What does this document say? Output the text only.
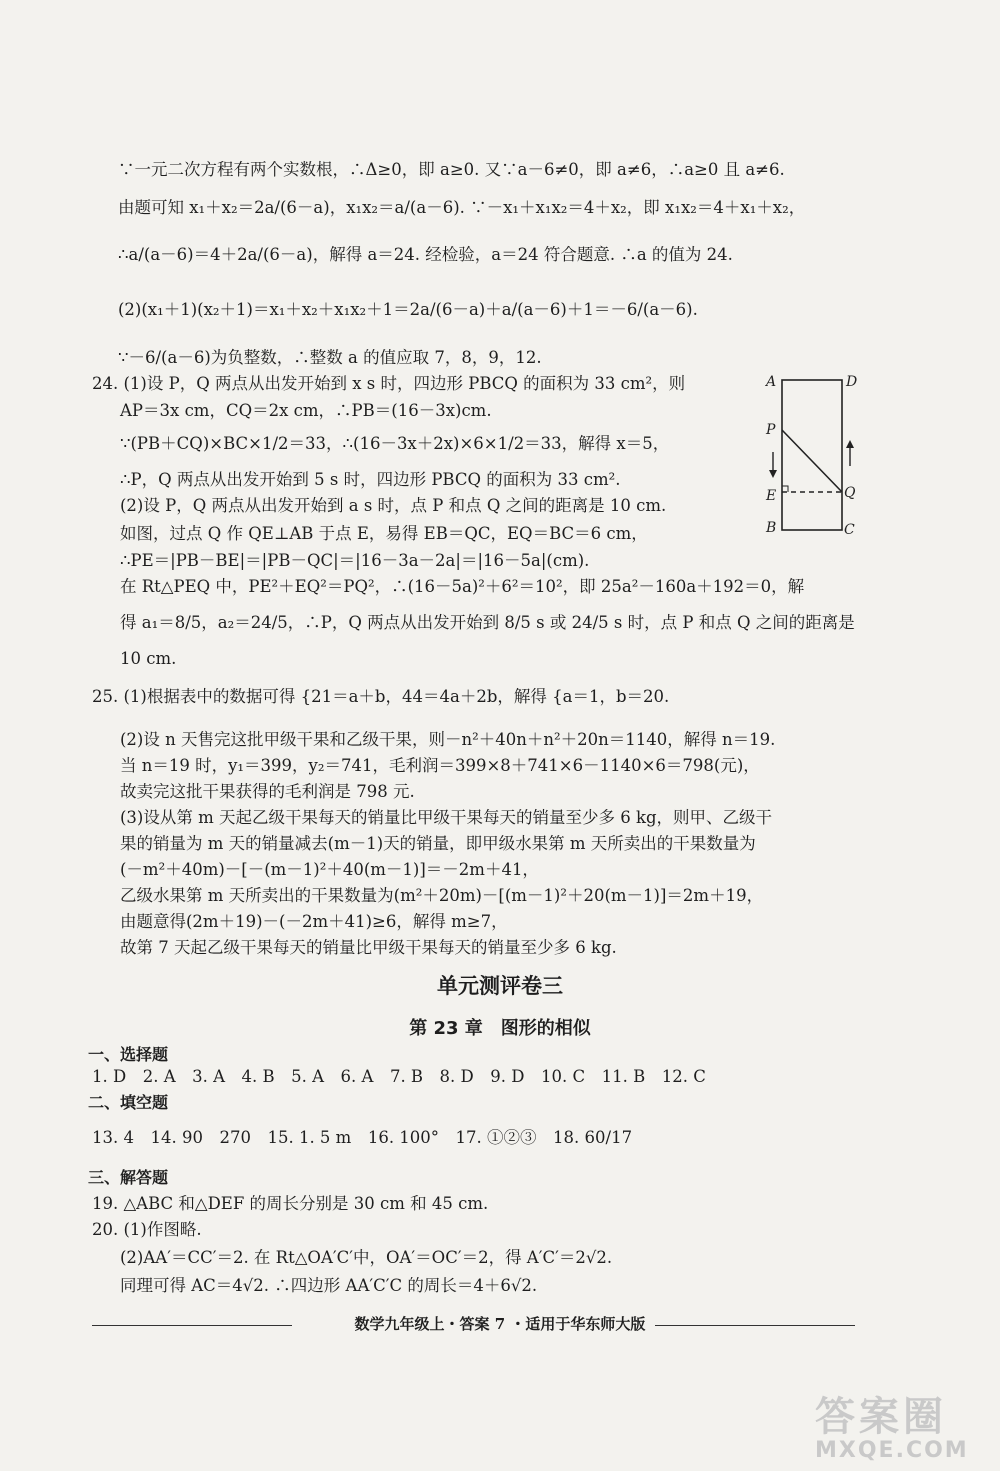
∵一元二次方程有两个实数根，∴Δ≥0，即 a≥0. 又∵a－6≠0，即 a≠6，∴a≥0 且 a≠6.
由题可知 x₁＋x₂＝2a/(6－a)，x₁x₂＝a/(a－6). ∵－x₁＋x₁x₂＝4＋x₂，即 x₁x₂＝4＋x₁＋x₂，
∴a/(a－6)＝4＋2a/(6－a)，解得 a＝24. 经检验，a＝24 符合题意. ∴a 的值为 24.
(2)(x₁＋1)(x₂＋1)＝x₁＋x₂＋x₁x₂＋1＝2a/(6－a)＋a/(a－6)＋1＝－6/(a－6).
∵－6/(a－6)为负整数，∴整数 a 的值应取 7，8，9，12.
24. (1)设 P，Q 两点从出发开始到 x s 时，四边形 PBCQ 的面积为 33 cm²，则
AP＝3x cm，CQ＝2x cm，∴PB＝(16－3x)cm.
∵(PB＋CQ)×BC×1/2＝33，∴(16－3x＋2x)×6×1/2＝33，解得 x＝5，
∴P，Q 两点从出发开始到 5 s 时，四边形 PBCQ 的面积为 33 cm².
(2)设 P，Q 两点从出发开始到 a s 时，点 P 和点 Q 之间的距离是 10 cm.
如图，过点 Q 作 QE⊥AB 于点 E，易得 EB＝QC，EQ＝BC＝6 cm，
∴PE＝|PB－BE|＝|PB－QC|＝|16－3a－2a|＝|16－5a|(cm).
在 Rt△PEQ 中，PE²＋EQ²＝PQ²，∴(16－5a)²＋6²＝10²，即 25a²－160a＋192＝0，解
得 a₁＝8/5，a₂＝24/5，∴P，Q 两点从出发开始到 8/5 s 或 24/5 s 时，点 P 和点 Q 之间的距离是
10 cm.
25. (1)根据表中的数据可得 {21＝a＋b，44＝4a＋2b，解得 {a＝1，b＝20.
(2)设 n 天售完这批甲级干果和乙级干果，则－n²＋40n＋n²＋20n＝1140，解得 n＝19.
当 n＝19 时，y₁＝399，y₂＝741，毛利润＝399×8＋741×6－1140×6＝798(元)，
故卖完这批干果获得的毛利润是 798 元.
(3)设从第 m 天起乙级干果每天的销量比甲级干果每天的销量至少多 6 kg，则甲、乙级干
果的销量为 m 天的销量减去(m－1)天的销量，即甲级水果第 m 天所卖出的干果数量为
(－m²＋40m)－[－(m－1)²＋40(m－1)]＝－2m＋41，
乙级水果第 m 天所卖出的干果数量为(m²＋20m)－[(m－1)²＋20(m－1)]＝2m＋19，
由题意得(2m＋19)－(－2m＋41)≥6，解得 m≥7，
故第 7 天起乙级干果每天的销量比甲级干果每天的销量至少多 6 kg.
A	D
P
E	Q
B	C
单元测评卷三
第 23 章　图形的相似
一、选择题
1. D　2. A　3. A　4. B　5. A　6. A　7. B　8. D　9. D　10. C　11. B　12. C
二、填空题
13. 4　14. 90　270　15. 1. 5 m　16. 100°　17. ①②③　18. 60/17
三、解答题
19. △ABC 和△DEF 的周长分别是 30 cm 和 45 cm.
20. (1)作图略.
(2)AA′＝CC′＝2. 在 Rt△OA′C′中，OA′＝OC′＝2，得 A′C′＝2√2.
同理可得 AC＝4√2. ∴四边形 AA′C′C 的周长＝4＋6√2.
数学九年级上・答案 7 ・适用于华东师大版
答案圈
MXQE.COM
